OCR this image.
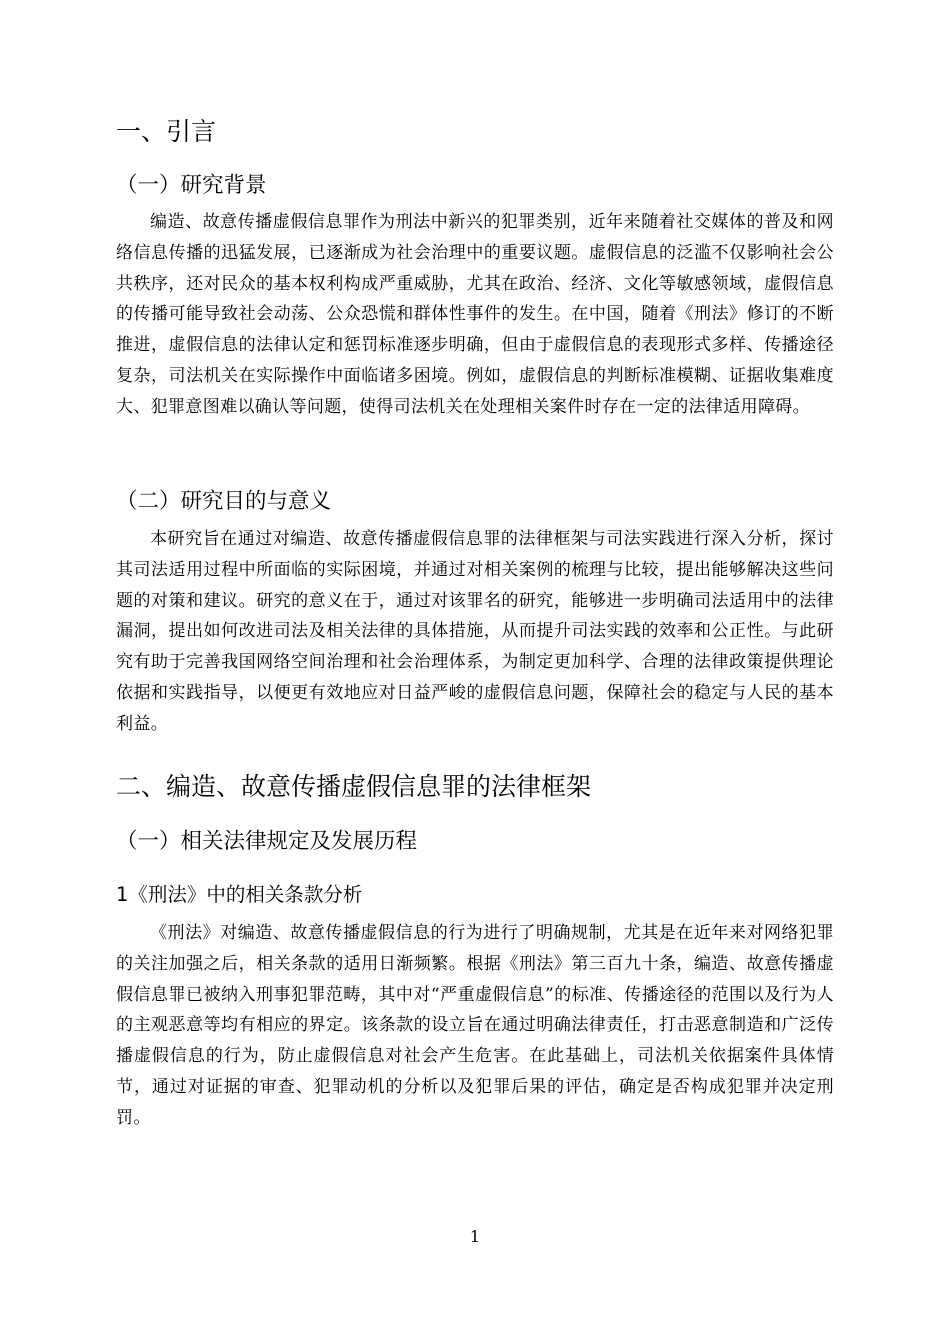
一、引言
（一）研究背景

编造、故意传播虚假信息罪作为刑法中新兴的犯罪类别，近年来随着社交媒体的普及和网络信息传播的迅猛发展，已逐渐成为社会治理中的重要议题。虚假信息的泛滥不仅影响社会公共秩序，还对民众的基本权利构成严重威胁，尤其在政治、经济、文化等敏感领域，虚假信息的传播可能导致社会动荡、公众恐慌和群体性事件的发生。在中国，随着《刑法》修订的不断推进，虚假信息的法律认定和惩罚标准逐步明确，但由于虚假信息的表现形式多样、传播途径复杂，司法机关在实际操作中面临诸多困境。例如，虚假信息的判断标准模糊、证据收集难度大、犯罪意图难以确认等问题，使得司法机关在处理相关案件时存在一定的法律适用障碍。

（二）研究目的与意义

本研究旨在通过对编造、故意传播虚假信息罪的法律框架与司法实践进行深入分析，探讨其司法适用过程中所面临的实际困境，并通过对相关案例的梳理与比较，提出能够解决这些问题的对策和建议。研究的意义在于，通过对该罪名的研究，能够进一步明确司法适用中的法律漏洞，提出如何改进司法及相关法律的具体措施，从而提升司法实践的效率和公正性。与此研究有助于完善我国网络空间治理和社会治理体系，为制定更加科学、合理的法律政策提供理论依据和实践指导，以便更有效地应对日益严峻的虚假信息问题，保障社会的稳定与人民的基本利益。

二、编造、故意传播虚假信息罪的法律框架
（一）相关法律规定及发展历程
1《刑法》中的相关条款分析

《刑法》对编造、故意传播虚假信息的行为进行了明确规制，尤其是在近年来对网络犯罪的关注加强之后，相关条款的适用日渐频繁。根据《刑法》第三百九十条，编造、故意传播虚假信息罪已被纳入刑事犯罪范畴，其中对“严重虚假信息”的标准、传播途径的范围以及行为人的主观恶意等均有相应的界定。该条款的设立旨在通过明确法律责任，打击恶意制造和广泛传播虚假信息的行为，防止虚假信息对社会产生危害。在此基础上，司法机关依据案件具体情节，通过对证据的审查、犯罪动机的分析以及犯罪后果的评估，确定是否构成犯罪并决定刑罚。

1
